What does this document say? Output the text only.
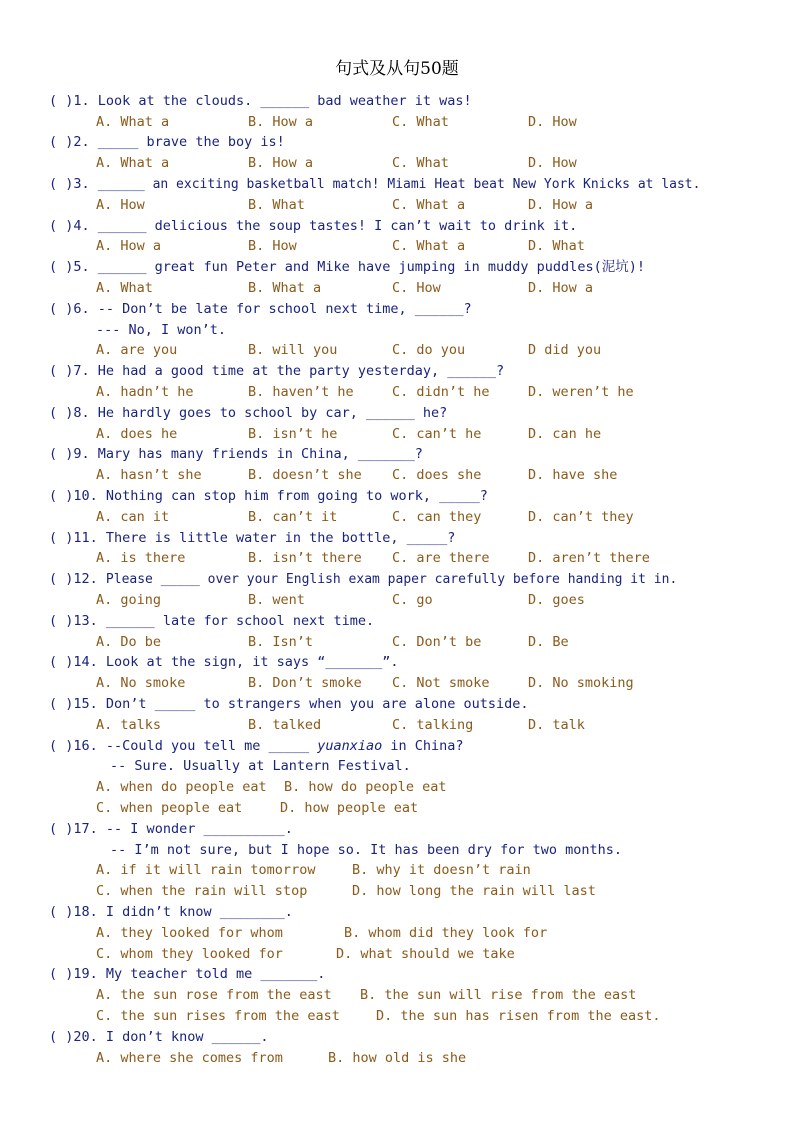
句式及从句50题
( )1. Look at the clouds. ______ bad weather it was!

A. What a

	B. How a

	C. What

	D. How

( )2. _____ brave the boy is!

A. What a

	B. How a

	C. What

	D. How

( )3. ______ an exciting basketball match! Miami Heat beat New York Knicks at last.

A. How

	B. What

	C. What a

	D. How a

( )4. ______ delicious the soup tastes! I can’t wait to drink it.

A. How a

	B. How

	C. What a

	D. What

( )5. ______ great fun Peter and Mike have jumping in muddy puddles(泥坑)!

A. What

	B. What a

	C. How

	D. How a

( )6. -- Don’t be late for school next time, ______?
--- No, I won’t.

A. are you

	B. will you

	C. do you

	D did you

( )7. He had a good time at the party yesterday, ______?

A. hadn’t he

	B. haven’t he

	C. didn’t he

	D. weren’t he

( )8. He hardly goes to school by car, ______ he?

A. does he

	B. isn’t he

	C. can’t he

	D. can he

( )9. Mary has many friends in China, _______?

A. hasn’t she

	B. doesn’t she

C. does she

	D. have she

( )10. Nothing can stop him from going to work, _____?

A. can it

	B. can’t it

	C. can they

	D. can’t they

( )11. There is little water in the bottle, _____?

A. is there

	B. isn’t there

C. are there

	D. aren’t there

( )12. Please _____ over your English exam paper carefully before handing it in.

A. going

	B. went

	C. go

	D. goes

( )13. ______ late for school next time.

A. Do be

	B. Isn’t

	C. Don’t be

	D. Be

( )14. Look at the sign, it says “_______”.

A. No smoke

	B. Don’t smoke

C. Not smoke

	D. No smoking

( )15. Don’t _____ to strangers when you are alone outside.

A. talks

	B. talked

	C. talking

	D. talk

( )16. --Could you tell me _____ yuanxiao in China?
-- Sure. Usually at Lantern Festival.

A. when do people eat

B. how do people eat

C. when people eat

	D. how people eat

( )17. -- I wonder __________.
-- I’m not sure, but I hope so. It has been dry for two months.

A. if it will rain tomorrow

	B. why it doesn’t rain

C. when the rain will stop

	D. how long the rain will last

( )18. I didn’t know ________.

A. they looked for whom

	B. whom did they look for

C. whom they looked for

	D. what should we take

( )19. My teacher told me _______.

A. the sun rose from the east

B. the sun will rise from the east

C. the sun rises from the east

	D. the sun has risen from the east.

( )20. I don’t know ______.

A. where she comes from

	B. how old is she
